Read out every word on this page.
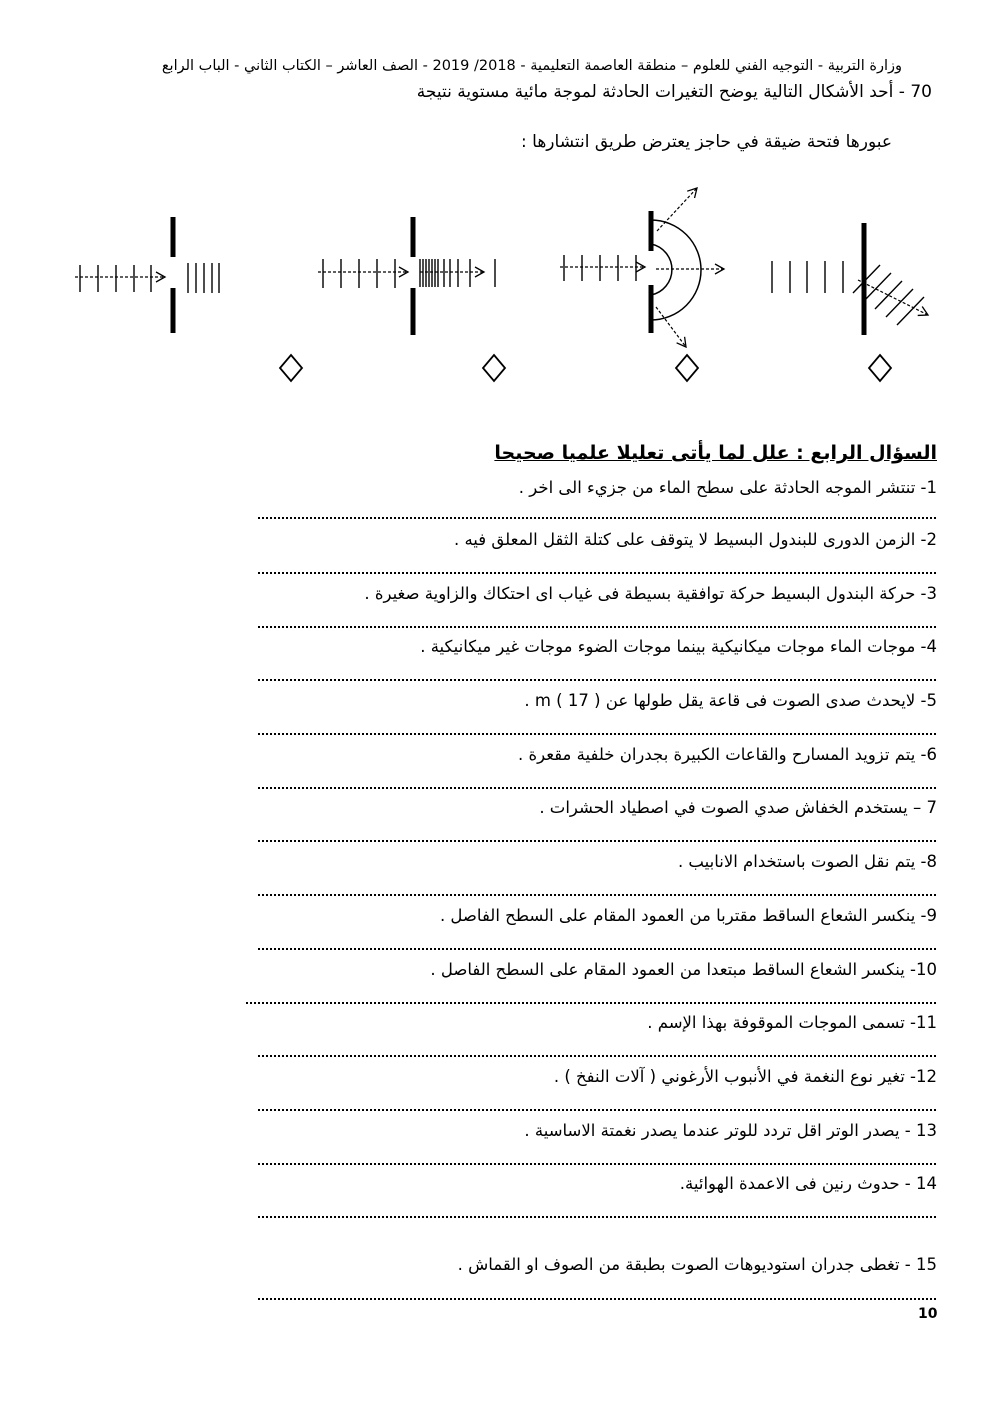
وزارة التربية - التوجيه الفني للعلوم – منطقة العاصمة التعليمية - 2018/ 2019 - الصف العاشر – الكتاب الثاني - الباب الرابع
70 - أحد الأشكال التالية يوضح التغيرات الحادثة لموجة مائية مستوية نتيجة
عبورها فتحة ضيقة في حاجز يعترض طريق انتشارها :
السؤال الرابع : علل لما يأتى تعليلا علميا صحيحا
1- تنتشر الموجه الحادثة على سطح الماء من جزيء الى اخر .
2- الزمن الدورى للبندول البسيط لا يتوقف على كتلة الثقل المعلق فيه .
3- حركة البندول البسيط حركة توافقية بسيطة فى غياب اى احتكاك والزاوية صغيرة .
4- موجات الماء موجات ميكانيكية بينما موجات الضوء موجات غير ميكانيكية .
5- لايحدث صدى الصوت فى قاعة يقل طولها عن m ( 17 ) .
6- يتم تزويد المسارح والقاعات الكبيرة بجدران خلفية مقعرة .
7 – يستخدم الخفاش صدي الصوت في اصطياد الحشرات .
8- يتم نقل الصوت باستخدام الانابيب .
9- ينكسر الشعاع الساقط مقتربا من العمود المقام على السطح الفاصل .
10- ينكسر الشعاع الساقط مبتعدا من العمود المقام على السطح الفاصل .
11- تسمى الموجات الموقوفة بهذا الإسم .
12- تغير نوع النغمة في الأنبوب الأرغوني ( آلات النفخ ) .
13 - يصدر الوتر اقل تردد للوتر عندما يصدر نغمتة الاساسية .
14 - حدوث رنين فى الاعمدة الهوائية.
15 - تغطى جدران استوديوهات الصوت بطبقة من الصوف او القماش .
10
